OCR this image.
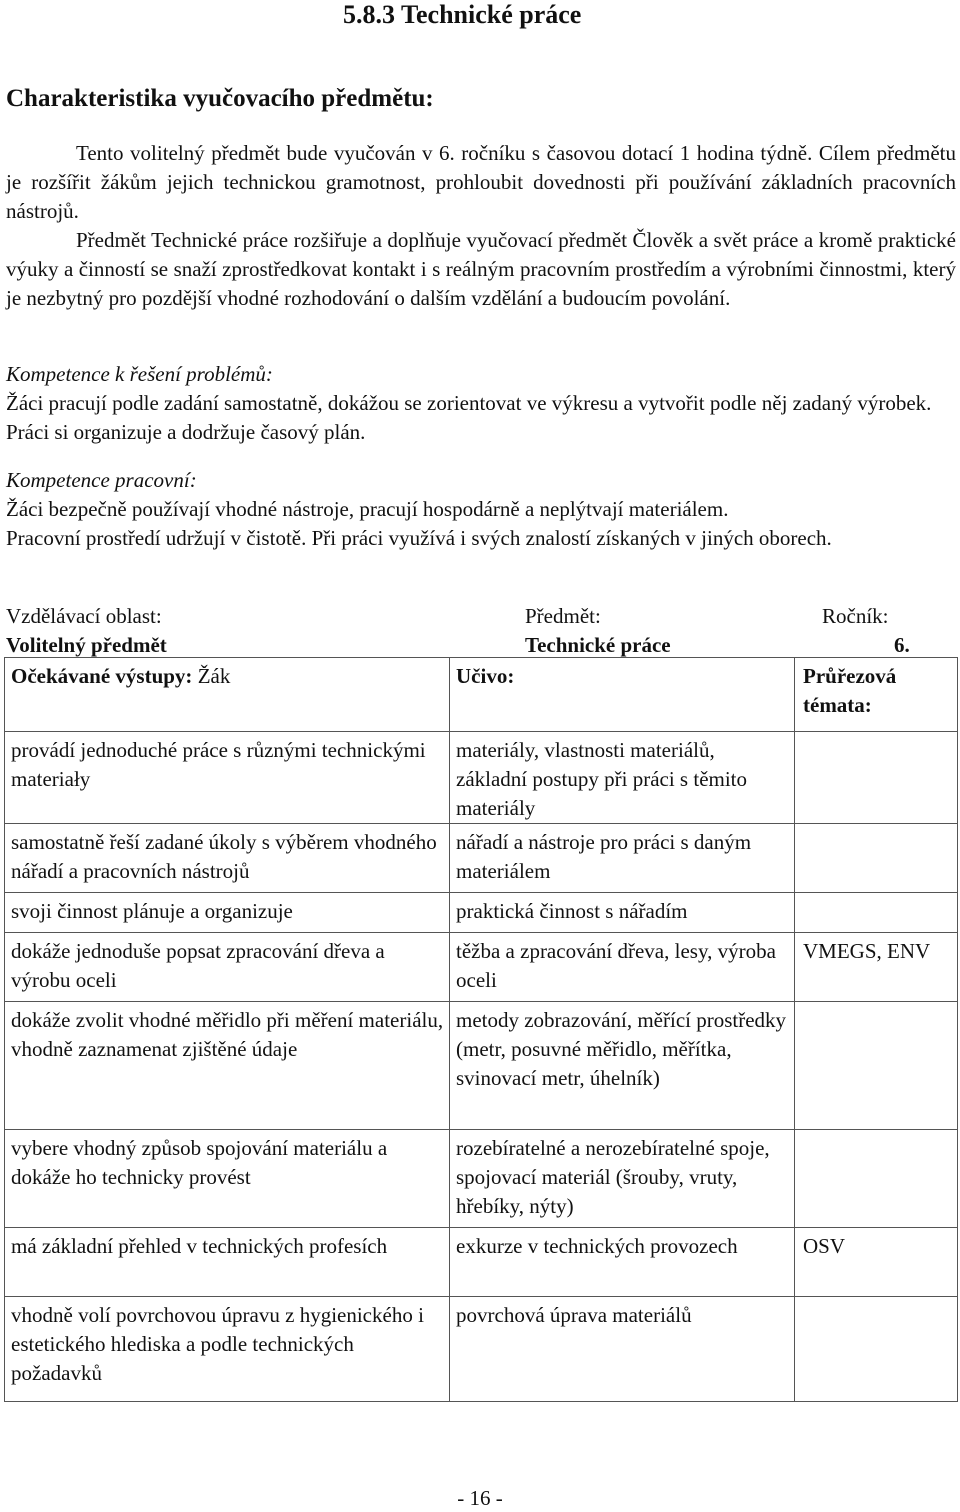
5.8.3 Technické práce
Charakteristika vyučovacího předmětu:

Tento volitelný předmět bude vyučován v 6. ročníku s časovou dotací 1 hodina týdně. Cílem předmětu je rozšířit žákům jejich technickou gramotnost, prohloubit dovednosti při používání základních pracovních nástrojů.

Předmět Technické práce rozšiřuje a doplňuje vyučovací předmět Člověk a svět práce a kromě praktické výuky a činností se snaží zprostředkovat kontakt i s reálným pracovním prostředím a výrobními činnostmi, který je nezbytný pro pozdější vhodné rozhodování o dalším vzdělání a budoucím povolání.

Kompetence k řešení problémů:

Žáci pracují podle zadání samostatně, dokážou se zorientovat ve výkresu a vytvořit podle něj zadaný výrobek. Práci si organizuje a dodržuje časový plán.

Kompetence pracovní:

Žáci bezpečně používají vhodné nástroje, pracují hospodárně a neplýtvají materiálem.

Pracovní prostředí udržují v čistotě. Při práci využívá i svých znalostí získaných v jiných oborech.

Vzdělávací oblast:
Volitelný předmět
Předmět:
Technické práce
Ročník:
6.
Očekávané výstupy: Žák	Učivo:	Průřezová témata:
provádí jednoduché práce s různými technickými materiały	materiály, vlastnosti materiálů, základní postupy při práci s těmito materiály	
samostatně řeší zadané úkoly s výběrem vhodného nářadí a pracovních nástrojů	nářadí a nástroje pro práci s daným materiálem	
svoji činnost plánuje a organizuje	praktická činnost s nářadím	
dokáže jednoduše popsat zpracování dřeva a výrobu oceli	těžba a zpracování dřeva, lesy, výroba oceli	VMEGS, ENV
dokáže zvolit vhodné měřidlo při měření materiálu, vhodně zaznamenat zjištěné údaje	metody zobrazování, měřící prostředky (metr, posuvné měřidlo, měřítka, svinovací metr, úhelník)	
vybere vhodný způsob spojování materiálu a dokáže ho technicky provést	rozebíratelné a nerozebíratelné spoje, spojovací materiál (šrouby, vruty, hřebíky, nýty)	
má základní přehled v technických profesích	exkurze v technických provozech	OSV
vhodně volí povrchovou úpravu z hygienického i estetického hlediska a podle technických požadavků	povrchová úprava materiálů	
- 16 -
